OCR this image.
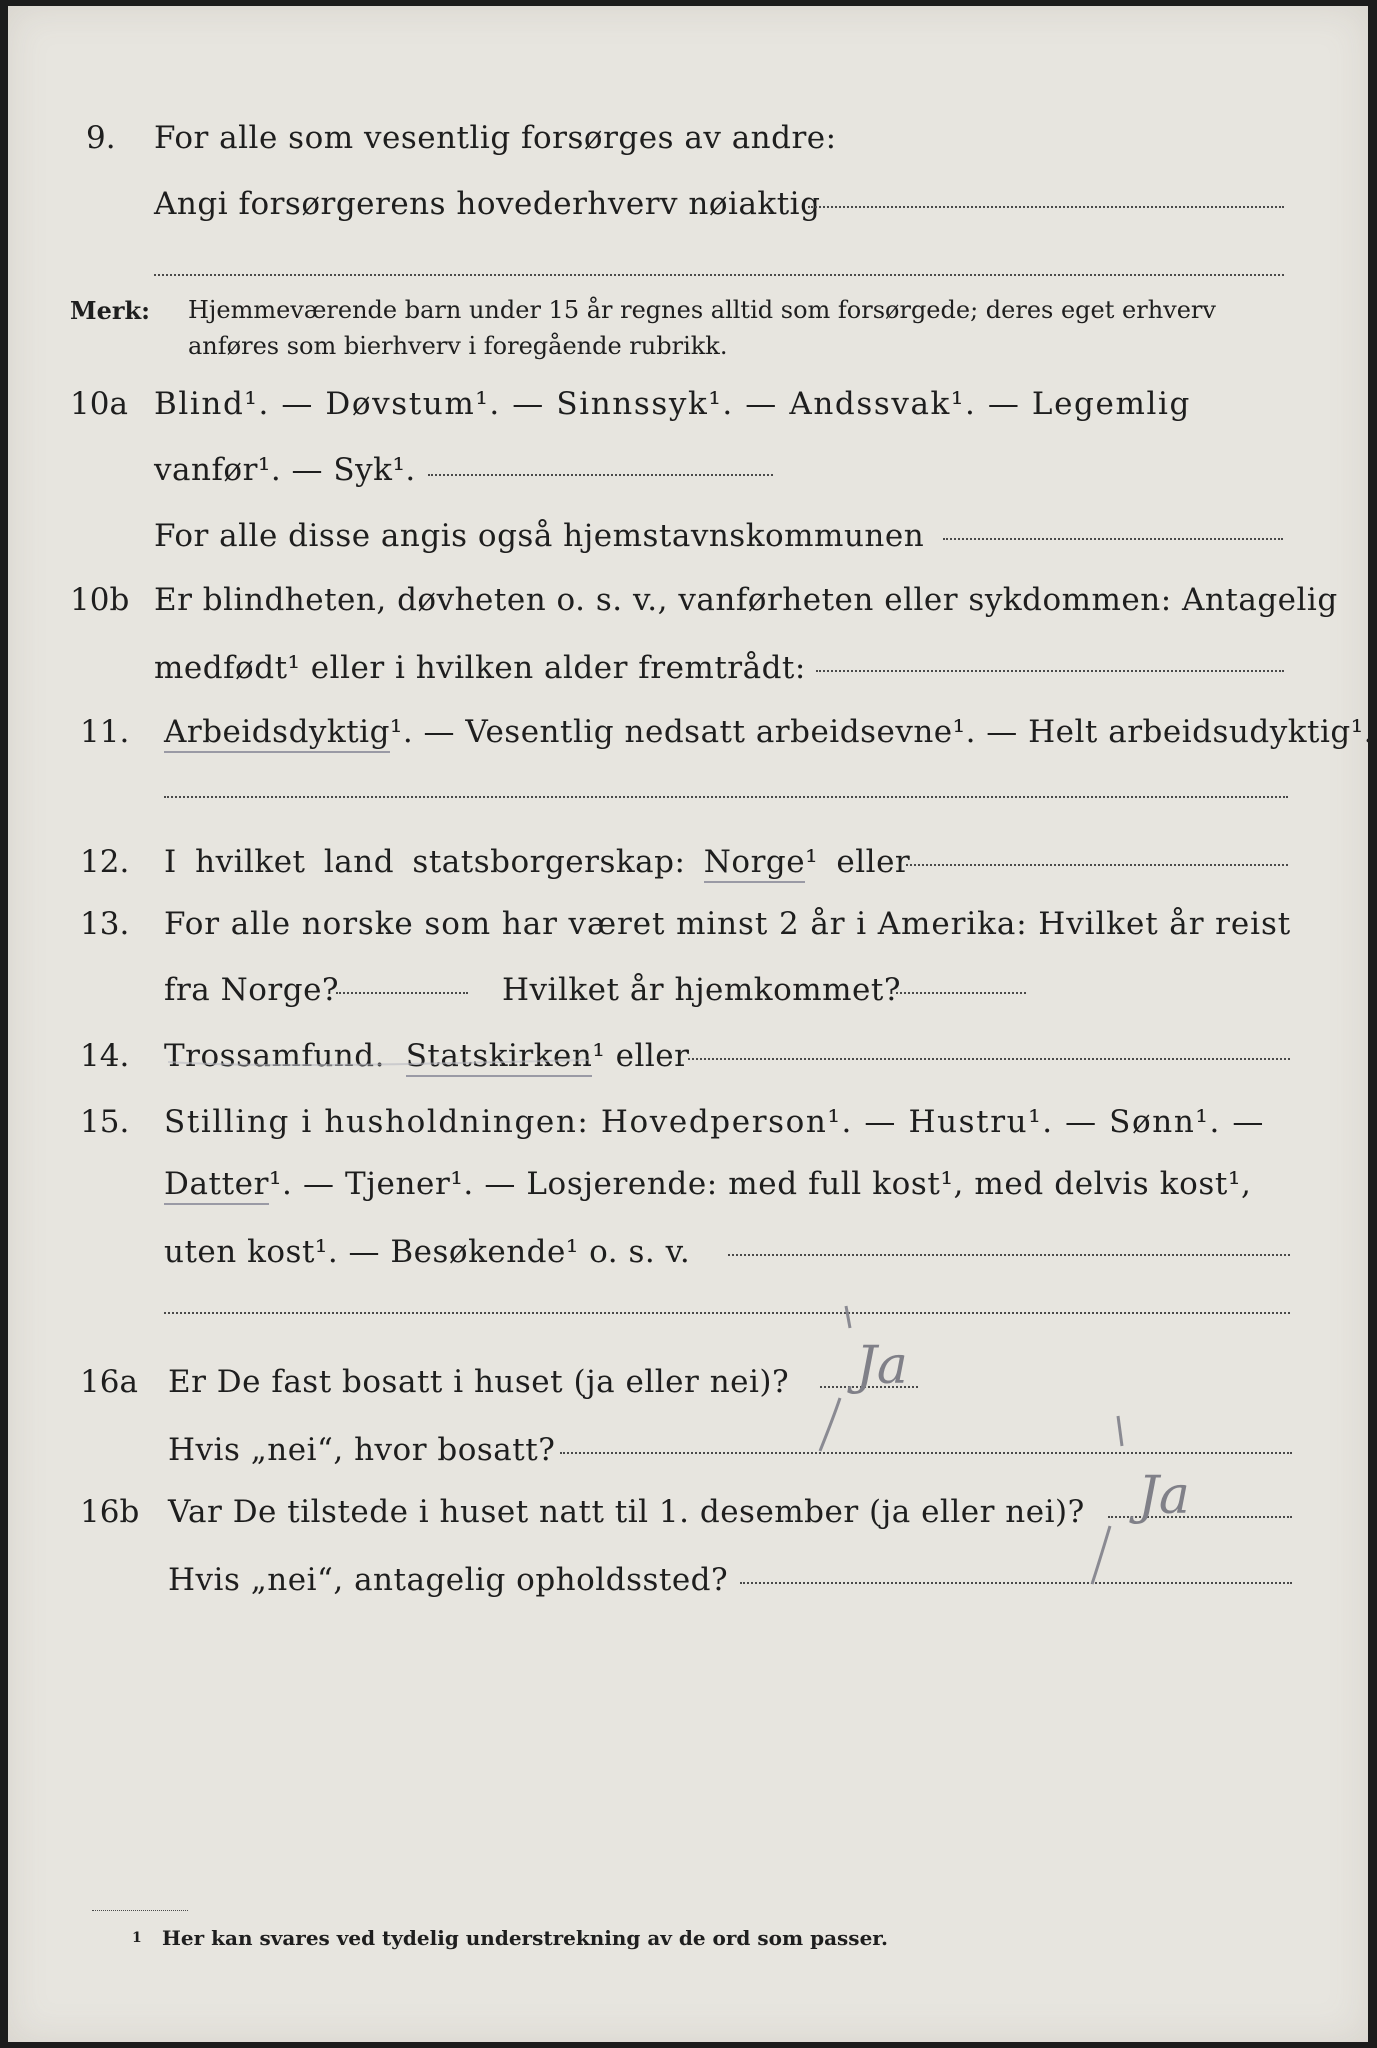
9. For alle som vesentlig forsørges av andre:
Angi forsørgerens hovederhverv nøiaktig
Merk: Hjemmeværende barn under 15 år regnes alltid som forsørgede; deres eget erhverv
anføres som bierhverv i foregående rubrikk.
10a Blind¹. — Døvstum¹. — Sinnssyk¹. — Andssvak¹. — Legemlig
vanfør¹. — Syk¹.
For alle disse angis også hjemstavnskommunen
10b Er blindheten, døvheten o. s. v., vanførheten eller sykdommen: Antagelig
medfødt¹ eller i hvilken alder fremtrådt:
11. Arbeidsdyktig¹. — Vesentlig nedsatt arbeidsevne¹. — Helt arbeidsudyktig¹.
12. I hvilket land statsborgerskap: Norge¹ eller
13. For alle norske som har været minst 2 år i Amerika: Hvilket år reist
fra Norge?	Hvilket år hjemkommet?
14. Trossamfund. Statskirken¹ eller
15. Stilling i husholdningen: Hovedperson¹. — Hustru¹. — Sønn¹. —
Datter¹. — Tjener¹. — Losjerende: med full kost¹, med delvis kost¹,
uten kost¹. — Besøkende¹ o. s. v.
16a Er De fast bosatt i huset (ja eller nei)? Ja
Hvis „nei“, hvor bosatt?
16b Var De tilstede i huset natt til 1. desember (ja eller nei)? Ja
Hvis „nei“, antagelig opholdssted?
1 Her kan svares ved tydelig understrekning av de ord som passer.
